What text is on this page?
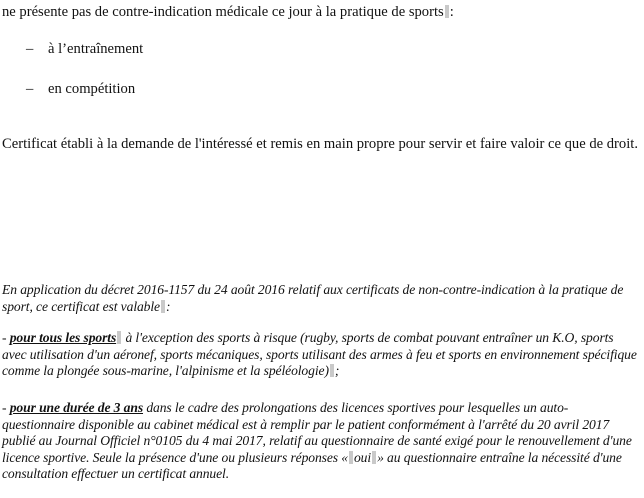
ne présente pas de contre-indication médicale ce jour à la pratique de sports :

– à l’entraînement
– en compétition

Certificat établi à la demande de l'intéressé et remis en main propre pour servir et faire valoir ce que de droit.

En application du décret 2016-1157 du 24 août 2016 relatif aux certificats de non-contre-indication à la pratique de sport, ce certificat est valable :

- pour tous les sports à l'exception des sports à risque (rugby, sports de combat pouvant entraîner un K.O, sports avec utilisation d'un aéronef, sports mécaniques, sports utilisant des armes à feu et sports en environnement spécifique comme la plongée sous-marine, l'alpinisme et la spéléologie) ;

- pour une durée de 3 ans dans le cadre des prolongations des licences sportives pour lesquelles un auto-questionnaire disponible au cabinet médical est à remplir par le patient conformément à l'arrêté du 20 avril 2017 publié au Journal Officiel n°0105 du 4 mai 2017, relatif au questionnaire de santé exigé pour le renouvellement d'une licence sportive. Seule la présence d'une ou plusieurs réponses « oui » au questionnaire entraîne la nécessité d'une consultation effectuer un certificat annuel.
